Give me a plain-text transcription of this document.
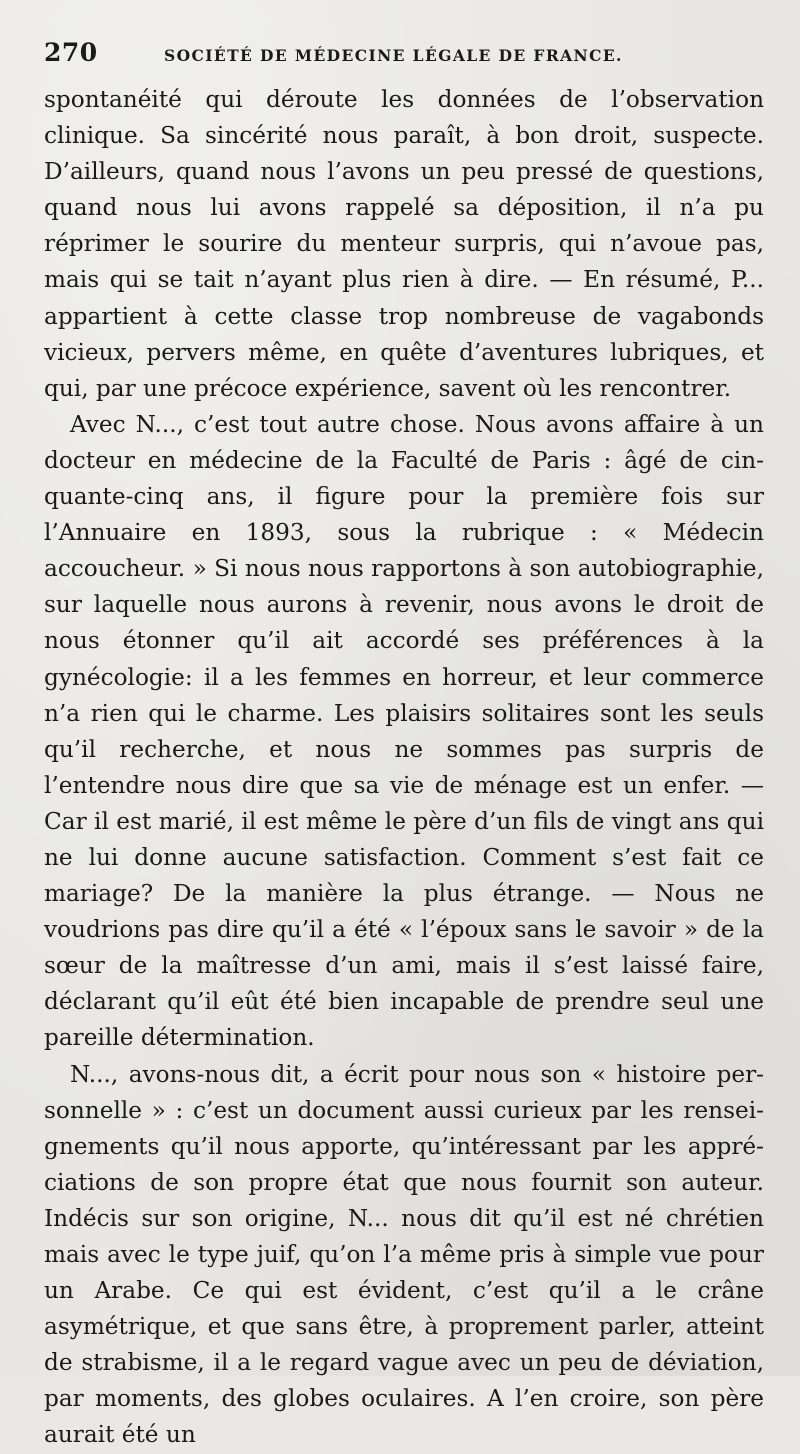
270	SOCIÉTÉ DE MÉDECINE LÉGALE DE FRANCE.

spontanéité qui déroute les données de l’observation clinique. Sa sincérité nous paraît, à bon droit, suspecte. D’ailleurs, quand nous l’avons un peu pressé de questions, quand nous lui avons rappelé sa déposition, il n’a pu réprimer le sourire du menteur surpris, qui n’avoue pas, mais qui se tait n’ayant plus rien à dire. — En résumé, P... appartient à cette classe trop nombreuse de vagabonds vicieux, pervers même, en quête d’aventures lubriques, et qui, par une précoce expérience, savent où les rencontrer.

Avec N..., c’est tout autre chose. Nous avons affaire à un docteur en médecine de la Faculté de Paris : âgé de cinquante-cinq ans, il figure pour la première fois sur l’Annuaire en 1893, sous la rubrique : « Médecin accoucheur. » Si nous nous rapportons à son autobiographie, sur laquelle nous aurons à revenir, nous avons le droit de nous étonner qu’il ait accordé ses préférences à la gynécologie: il a les femmes en horreur, et leur commerce n’a rien qui le charme. Les plaisirs solitaires sont les seuls qu’il recherche, et nous ne sommes pas surpris de l’entendre nous dire que sa vie de ménage est un enfer. — Car il est marié, il est même le père d’un fils de vingt ans qui ne lui donne aucune satisfaction. Comment s’est fait ce mariage? De la manière la plus étrange. — Nous ne voudrions pas dire qu’il a été « l’époux sans le savoir » de la sœur de la maîtresse d’un ami, mais il s’est laissé faire, déclarant qu’il eût été bien incapable de prendre seul une pareille détermination.

N..., avons-nous dit, a écrit pour nous son « histoire personnelle » : c’est un document aussi curieux par les renseignements qu’il nous apporte, qu’intéressant par les appréciations de son propre état que nous fournit son auteur. Indécis sur son origine, N... nous dit qu’il est né chrétien mais avec le type juif, qu’on l’a même pris à simple vue pour un Arabe. Ce qui est évident, c’est qu’il a le crâne asymétrique, et que sans être, à proprement parler, atteint de strabisme, il a le regard vague avec un peu de déviation, par moments, des globes oculaires. A l’en croire, son père aurait été un
